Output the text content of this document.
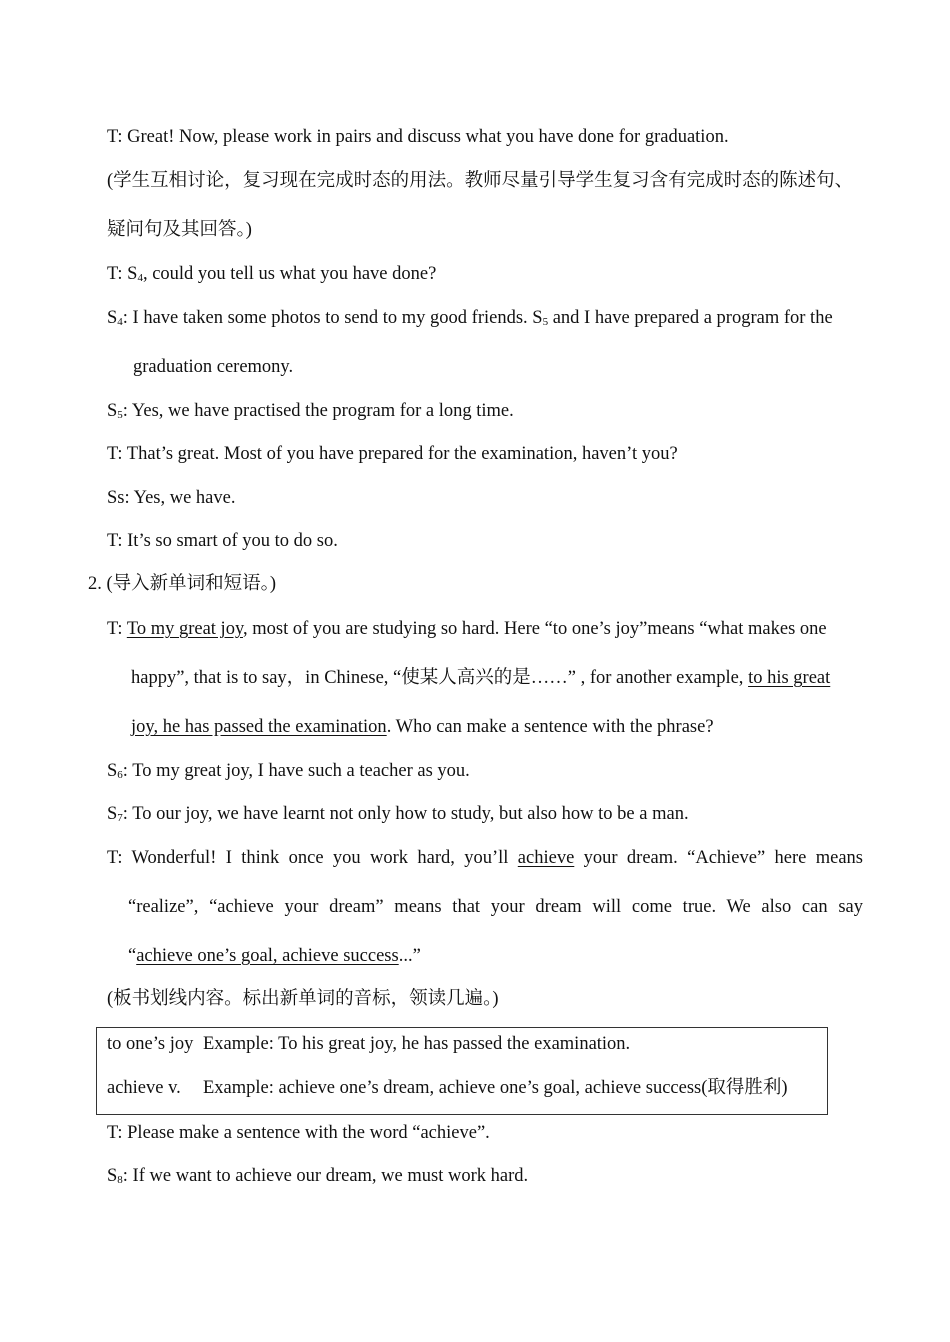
T: Great! Now, please work in pairs and discuss what you have done for graduation.
(学生互相讨论，复习现在完成时态的用法。教师尽量引导学生复习含有完成时态的陈述句、
疑问句及其回答。)
T: $S_4$, could you tell us what you have done?
$S_4$: I have taken some photos to send to my good friends. $S_5$ and I have prepared a program for the
graduation ceremony.
$S_5$: Yes, we have practised the program for a long time.
T: That’s great. Most of you have prepared for the examination, haven’t you?
Ss: Yes, we have.
T: It’s so smart of you to do so.
2. (导入新单词和短语。)
T: To my great joy, most of you are studying so hard. Here “to one’s joy”means “what makes one
happy”, that is to say，in Chinese, “使某人高兴的是……” , for another example, to his great
joy, he has passed the examination. Who can make a sentence with the phrase?
$S_6$: To my great joy, I have such a teacher as you.
$S_7$: To our joy, we have learnt not only how to study, but also how to be a man.
T: Wonderful! I think once you work hard, you’ll achieve your dream. “Achieve” here means
“realize”, “achieve your dream” means that your dream will come true. We also can say
“achieve one’s goal, achieve success...”
(板书划线内容。标出新单词的音标，领读几遍。)
to one’s joy Example: To his great joy, he has passed the examination.
achieve v. Example: achieve one’s dream, achieve one’s goal, achieve success(取得胜利)
T: Please make a sentence with the word “achieve”.
$S_8$: If we want to achieve our dream, we must work hard.
